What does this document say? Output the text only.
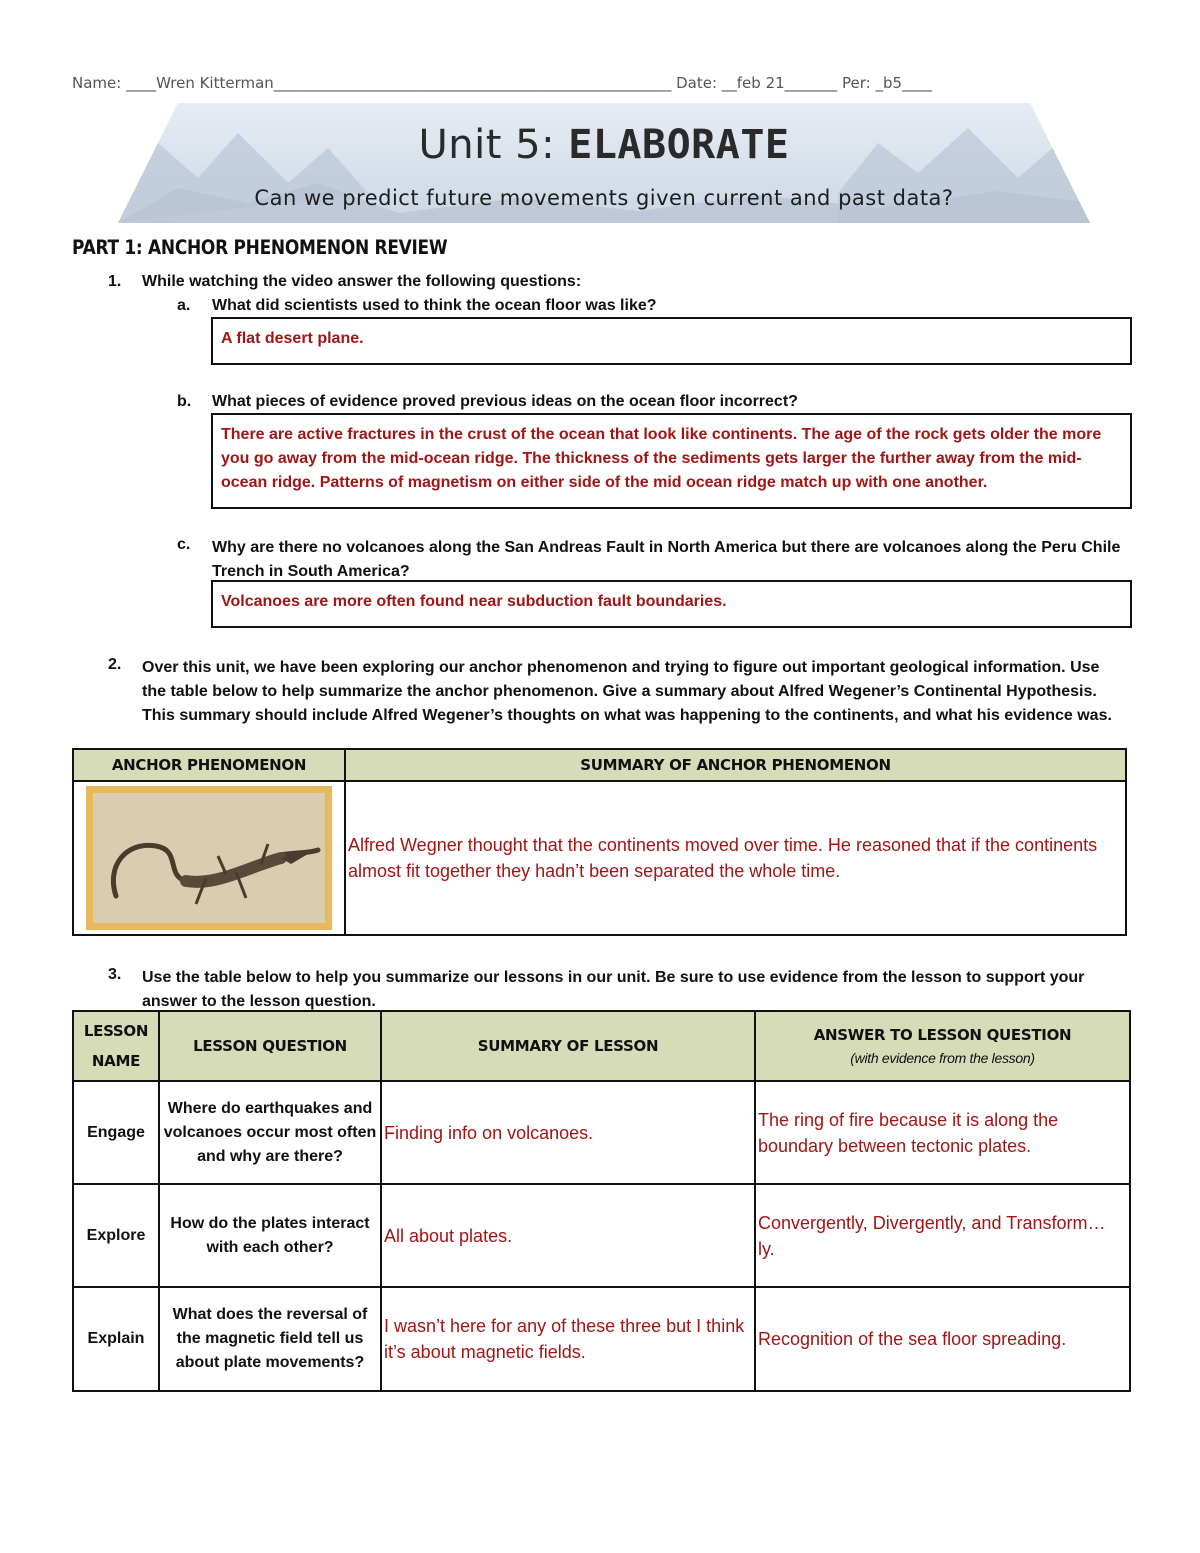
Name: ____Wren Kitterman_____________________________________________________ Date: __feb 21_______ Per: _b5____
Unit 5: ELABORATE
Can we predict future movements given current and past data?
PART 1: ANCHOR PHENOMENON REVIEW
1. While watching the video answer the following questions:
a. What did scientists used to think the ocean floor was like?
A flat desert plane.
b. What pieces of evidence proved previous ideas on the ocean floor incorrect?
There are active fractures in the crust of the ocean that look like continents. The age of the rock gets older the more you go away from the mid-ocean ridge. The thickness of the sediments gets larger the further away from the mid-ocean ridge. Patterns of magnetism on either side of the mid ocean ridge match up with one another.
c. Why are there no volcanoes along the San Andreas Fault in North America but there are volcanoes along the Peru Chile Trench in South America?
Volcanoes are more often found near subduction fault boundaries.
2. Over this unit, we have been exploring our anchor phenomenon and trying to figure out important geological information. Use the table below to help summarize the anchor phenomenon. Give a summary about Alfred Wegener’s Continental Hypothesis. This summary should include Alfred Wegener’s thoughts on what was happening to the continents, and what his evidence was.
ANCHOR PHENOMENON	SUMMARY OF ANCHOR PHENOMENON

Alfred Wegner thought that the continents moved over time. He reasoned that if the continents almost fit together they hadn’t been separated the whole time.
3. Use the table below to help you summarize our lessons in our unit. Be sure to use evidence from the lesson to support your answer to the lesson question.
LESSON NAME	LESSON QUESTION	SUMMARY OF LESSON	ANSWER TO LESSON QUESTION
(with evidence from the lesson)

Engage	Where do earthquakes and volcanoes occur most often and why are there?	Finding info on volcanoes.	The ring of fire because it is along the boundary between tectonic plates.
Explore	How do the plates interact with each other?	All about plates.	Convergently, Divergently, and Transform… ly.
Explain	What does the reversal of the magnetic field tell us about plate movements?	I wasn’t here for any of these three but I think it’s about magnetic fields.	Recognition of the sea floor spreading.
